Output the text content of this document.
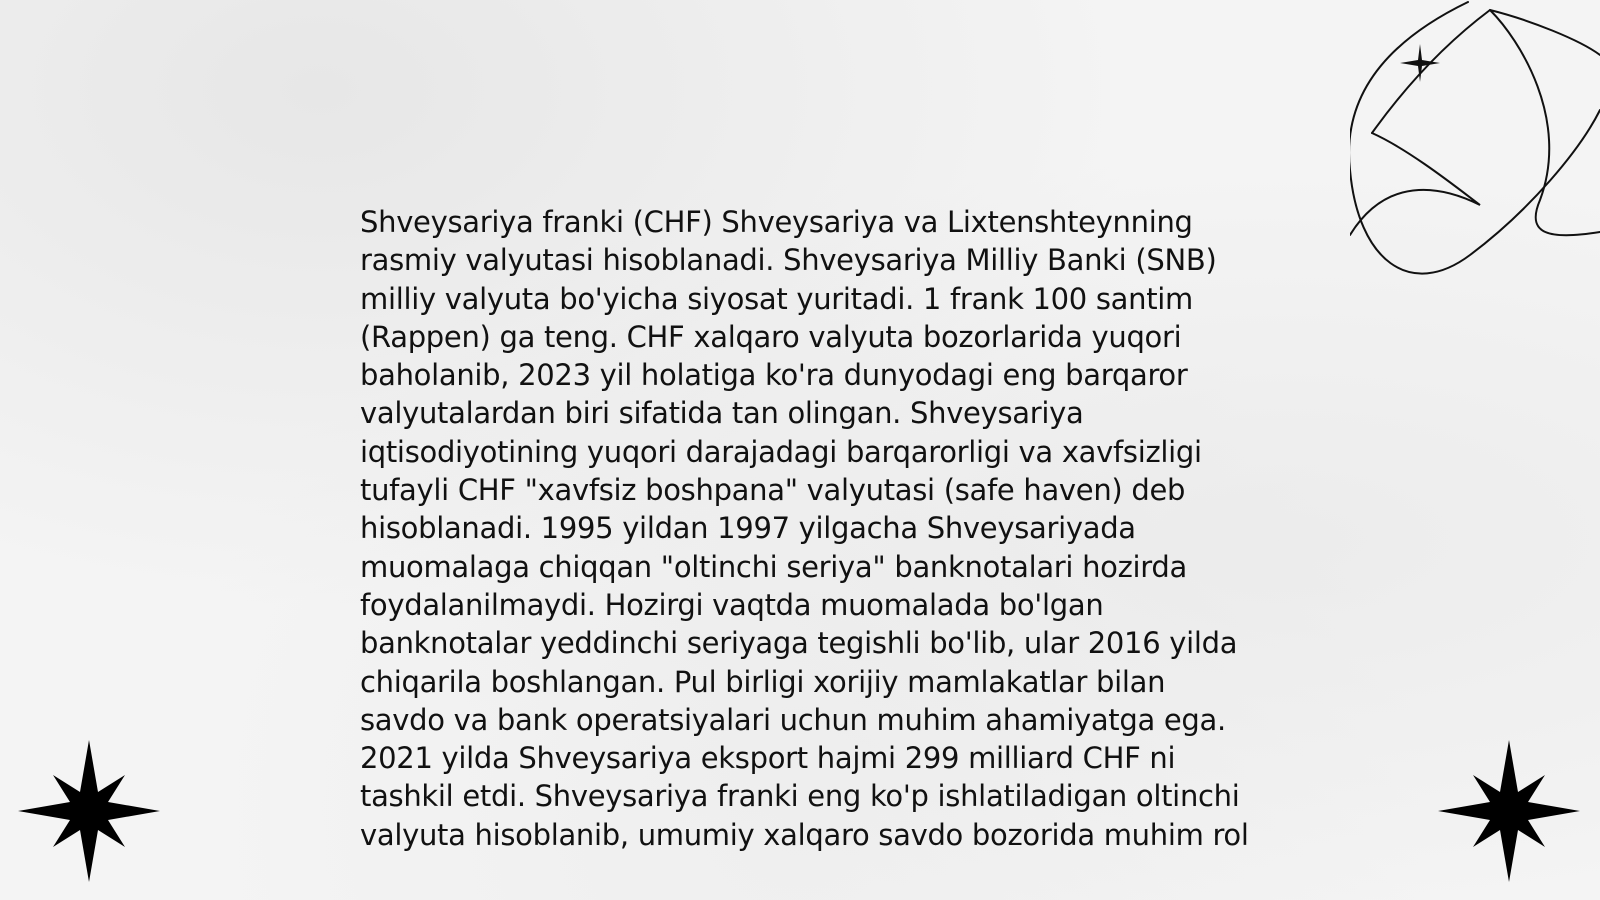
Shveysariya franki (CHF) Shveysariya va Lixtenshteynning rasmiy valyutasi hisoblanadi. Shveysariya Milliy Banki (SNB) milliy valyuta bo'yicha siyosat yuritadi. 1 frank 100 santim (Rappen) ga teng. CHF xalqaro valyuta bozorlarida yuqori baholanib, 2023 yil holatiga ko'ra dunyodagi eng barqaror valyutalardan biri sifatida tan olingan. Shveysariya iqtisodiyotining yuqori darajadagi barqarorligi va xavfsizligi tufayli CHF "xavfsiz boshpana" valyutasi (safe haven) deb hisoblanadi. 1995 yildan 1997 yilgacha Shveysariyada muomalaga chiqqan "oltinchi seriya" banknotalari hozirda foydalanilmaydi. Hozirgi vaqtda muomalada bo'lgan banknotalar yeddinchi seriyaga tegishli bo'lib, ular 2016 yilda chiqarila boshlangan. Pul birligi xorijiy mamlakatlar bilan savdo va bank operatsiyalari uchun muhim ahamiyatga ega. 2021 yilda Shveysariya eksport hajmi 299 milliard CHF ni tashkil etdi. Shveysariya franki eng ko'p ishlatiladigan oltinchi valyuta hisoblanib, umumiy xalqaro savdo bozorida muhim rol
